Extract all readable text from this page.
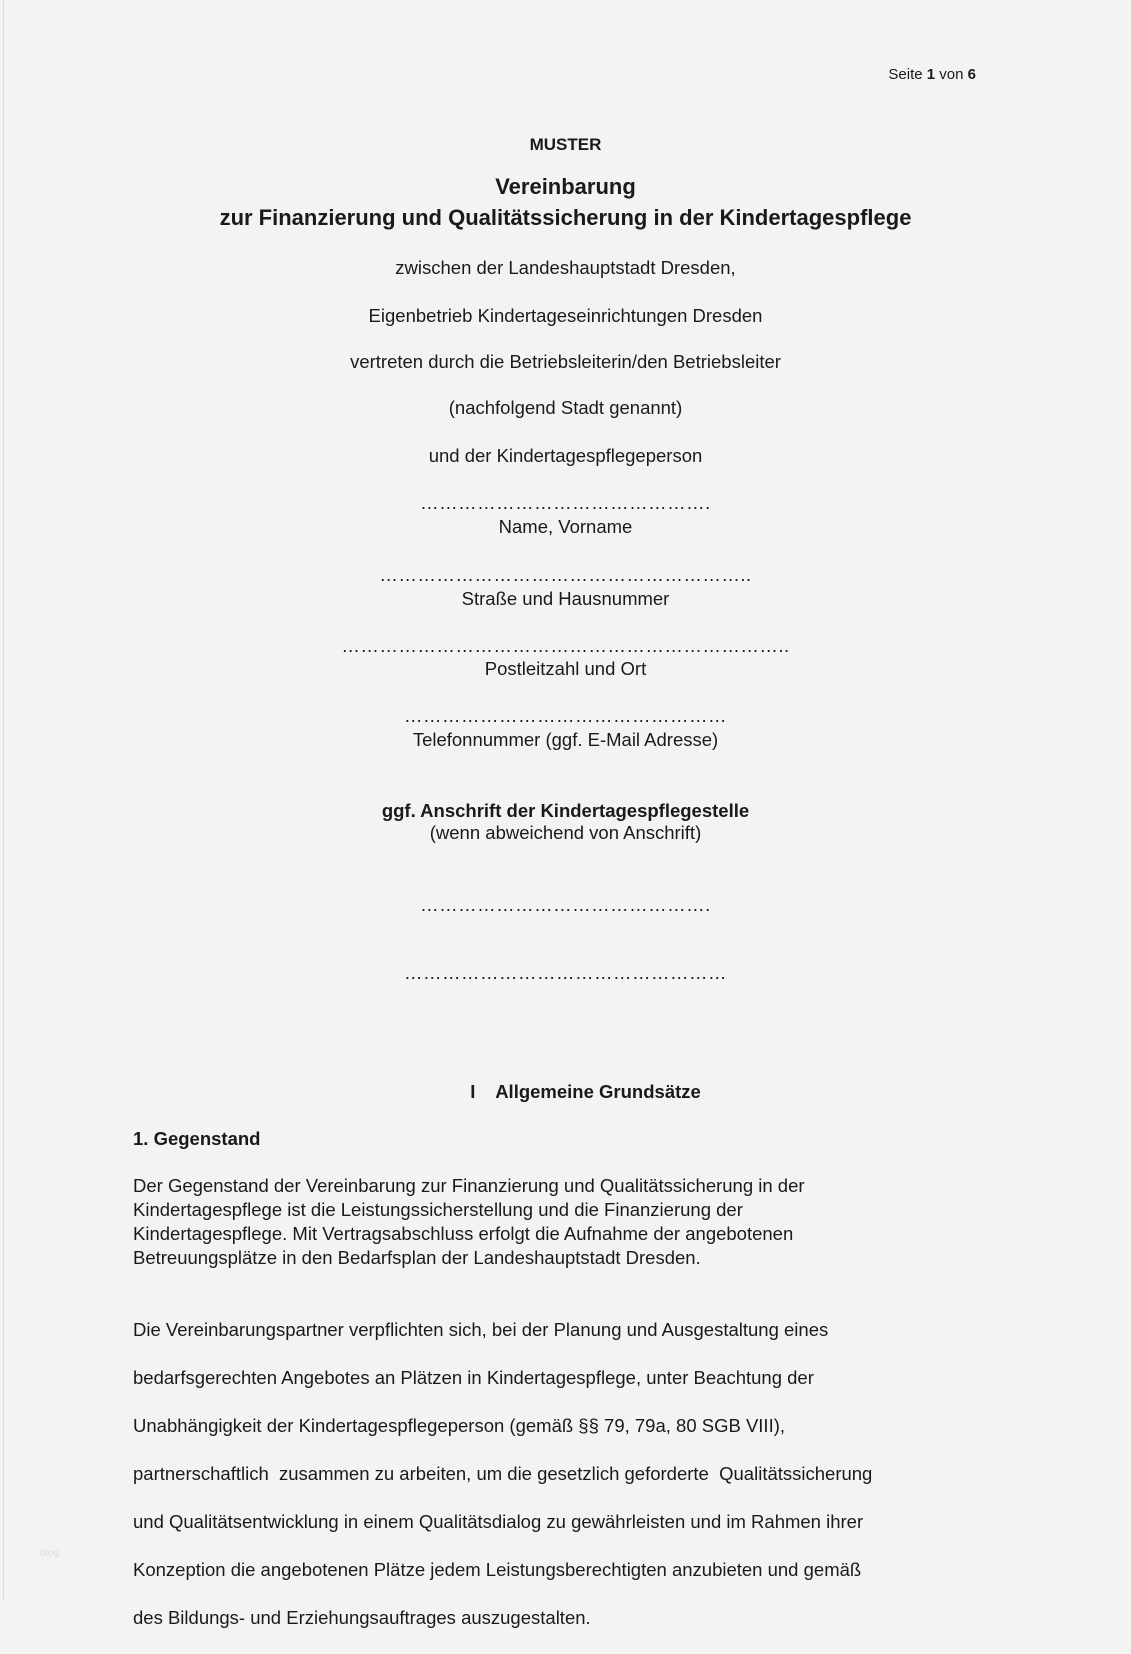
Seite 1 von 6
MUSTER
Vereinbarung
zur Finanzierung und Qualitätssicherung in der Kindertagespflege
zwischen der Landeshauptstadt Dresden,
Eigenbetrieb Kindertageseinrichtungen Dresden
vertreten durch die Betriebsleiterin/den Betriebsleiter
(nachfolgend Stadt genannt)
und der Kindertagespflegeperson
……………………………………….
Name, Vorname
…………………………………………………..
Straße und Hausnummer
……………………………………………………………..
Postleitzahl und Ort
……………………………………………
Telefonnummer (ggf. E-Mail Adresse)
ggf. Anschrift der Kindertagespflegestelle
(wenn abweichend von Anschrift)
……………………………………….
……………………………………………
I    Allgemeine Grundsätze
1. Gegenstand
Der Gegenstand der Vereinbarung zur Finanzierung und Qualitätssicherung in der
Kindertagespflege ist die Leistungssicherstellung und die Finanzierung der
Kindertagespflege. Mit Vertragsabschluss erfolgt die Aufnahme der angebotenen
Betreuungsplätze in den Bedarfsplan der Landeshauptstadt Dresden.

Die Vereinbarungspartner verpflichten sich, bei der Planung und Ausgestaltung eines

bedarfsgerechten Angebotes an Plätzen in Kindertagespflege, unter Beachtung der

Unabhängigkeit der Kindertagespflegeperson (gemäß §§ 79, 79a, 80 SGB VIII),

partnerschaftlich  zusammen zu arbeiten, um die gesetzlich geforderte  Qualitätssicherung

und Qualitätsentwicklung in einem Qualitätsdialog zu gewährleisten und im Rahmen ihrer

Konzeption die angebotenen Plätze jedem Leistungsberechtigten anzubieten und gemäß

des Bildungs- und Erziehungsauftrages auszugestalten.

blog
